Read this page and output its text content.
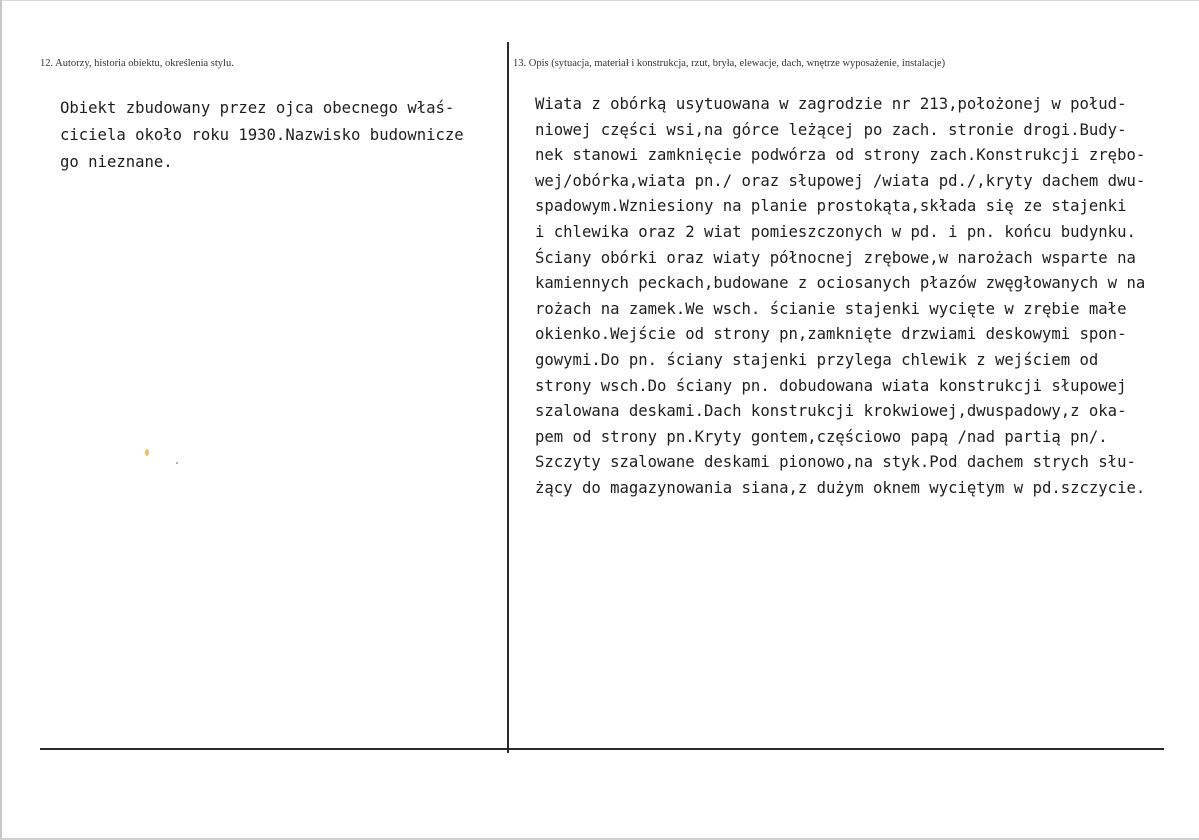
12. Autorzy, historia obiektu, określenia stylu.	13. Opis (sytuacja, materiał i konstrukcja, rzut, bryła, elewacje, dach, wnętrze wyposażenie, instalacje)
Obiekt zbudowany przez ojca obecnego właś-
ciciela około roku 1930.Nazwisko budownicze
go nieznane.
Wiata z obórką usytuowana w zagrodzie nr 213,położonej w połud-
niowej części wsi,na górce leżącej po zach. stronie drogi.Budy-
nek stanowi zamknięcie podwórza od strony zach.Konstrukcji zrębo-
wej/obórka,wiata pn./ oraz słupowej /wiata pd./,kryty dachem dwu-
spadowym.Wzniesiony na planie prostokąta,składa się ze stajenki
i chlewika oraz 2 wiat pomieszczonych w pd. i pn. końcu budynku.
Ściany obórki oraz wiaty północnej zrębowe,w narożach wsparte na
kamiennych peckach,budowane z ociosanych płazów zwęgłowanych w na
rożach na zamek.We wsch. ścianie stajenki wycięte w zrębie małe
okienko.Wejście od strony pn,zamknięte drzwiami deskowymi spon-
gowymi.Do pn. ściany stajenki przylega chlewik z wejściem od
strony wsch.Do ściany pn. dobudowana wiata konstrukcji słupowej
szalowana deskami.Dach konstrukcji krokwiowej,dwuspadowy,z oka-
pem od strony pn.Kryty gontem,częściowo papą /nad partią pn/.
Szczyty szalowane deskami pionowo,na styk.Pod dachem strych słu-
żący do magazynowania siana,z dużym oknem wyciętym w pd.szczycie.
